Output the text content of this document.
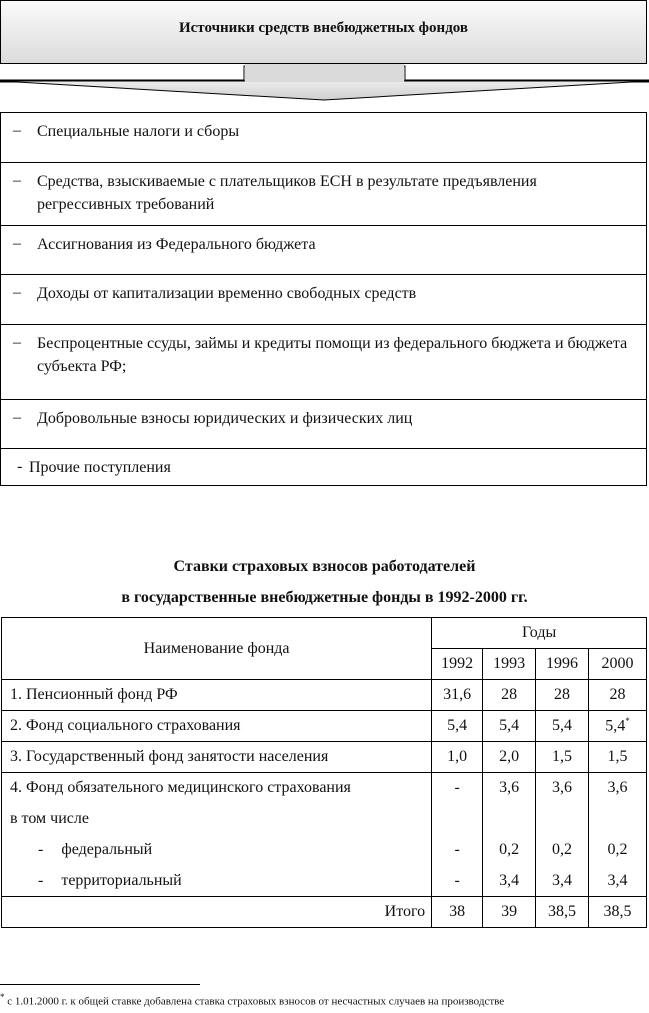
Источники средств внебюджетных фондов
– Специальные налоги и сборы
– Средства, взыскиваемые с плательщиков ЕСН в результате предъявления регрессивных требований
– Ассигнования из Федерального бюджета
– Доходы от капитализации временно свободных средств
– Беспроцентные ссуды, займы и кредиты помощи из федерального бюджета и бюджета субъекта РФ;
– Добровольные взносы юридических и физических лиц
- Прочие поступления
Ставки страховых взносов работодателей
в государственные внебюджетные фонды в 1992-2000 гг.
Наименование фонда	Годы			
	1992	1993	1996	2000
1. Пенсионный фонд РФ	31,6	28	28	28
2. Фонд социального страхования	5,4	5,4	5,4	5,4*
3. Государственный фонд занятости населения	1,0	2,0	1,5	1,5
4. Фонд обязательного медицинского страхования	-	3,6	3,6	3,6
в том числе				
- федеральный	-	0,2	0,2	0,2
- территориальный	-	3,4	3,4	3,4
Итого	38	39	38,5	38,5
* с 1.01.2000 г. к общей ставке добавлена ставка страховых взносов от несчастных случаев на производстве
